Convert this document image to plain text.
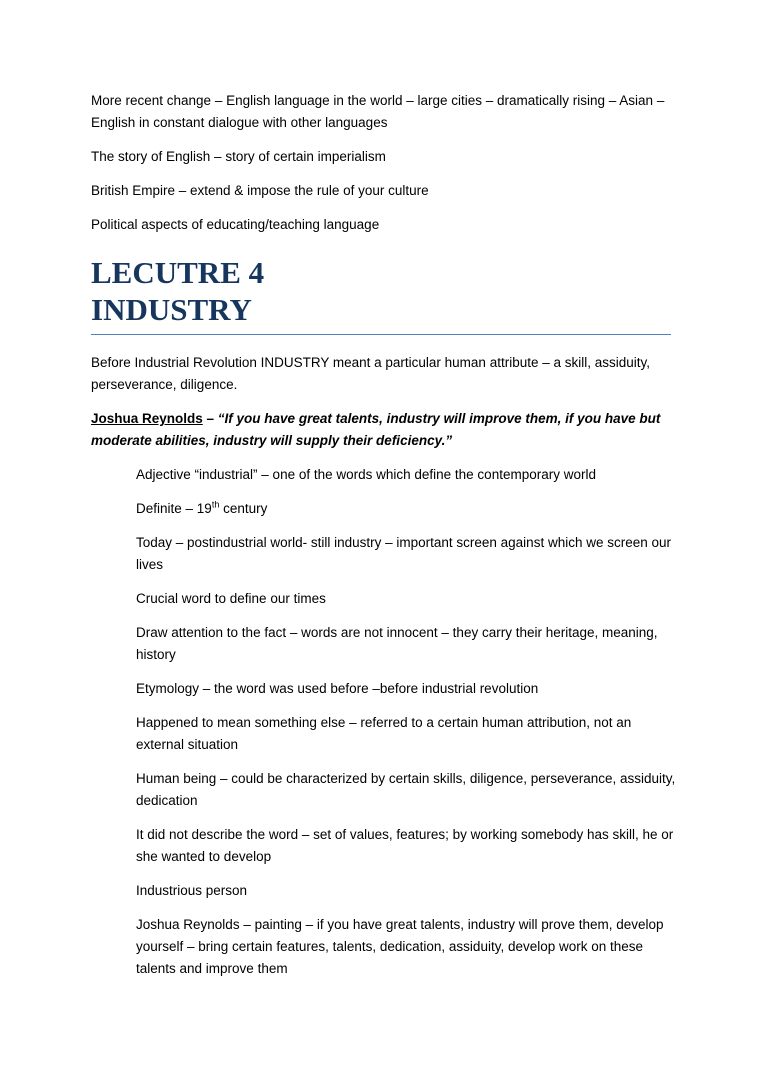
More recent change – English language in the world – large cities – dramatically rising – Asian – English in constant dialogue with other languages

The story of English – story of certain imperialism

British Empire – extend & impose the rule of your culture

Political aspects of educating/teaching language

LECUTRE 4
INDUSTRY

Before Industrial Revolution INDUSTRY meant a particular human attribute – a skill, assiduity, perseverance, diligence.

Joshua Reynolds – “If you have great talents, industry will improve them, if you have but moderate abilities, industry will supply their deficiency.”

Adjective “industrial” – one of the words which define the contemporary world

Definite – 19th century

Today – postindustrial world- still industry – important screen against which we screen our lives

Crucial word to define our times

Draw attention to the fact – words are not innocent – they carry their heritage, meaning, history

Etymology – the word was used before –before industrial revolution

Happened to mean something else – referred to a certain human attribution, not an external situation

Human being – could be characterized by certain skills, diligence, perseverance, assiduity, dedication

It did not describe the word – set of values, features; by working somebody has skill, he or she wanted to develop

Industrious person

Joshua Reynolds – painting – if you have great talents, industry will prove them, develop yourself – bring certain features, talents, dedication, assiduity, develop work on these talents and improve them
